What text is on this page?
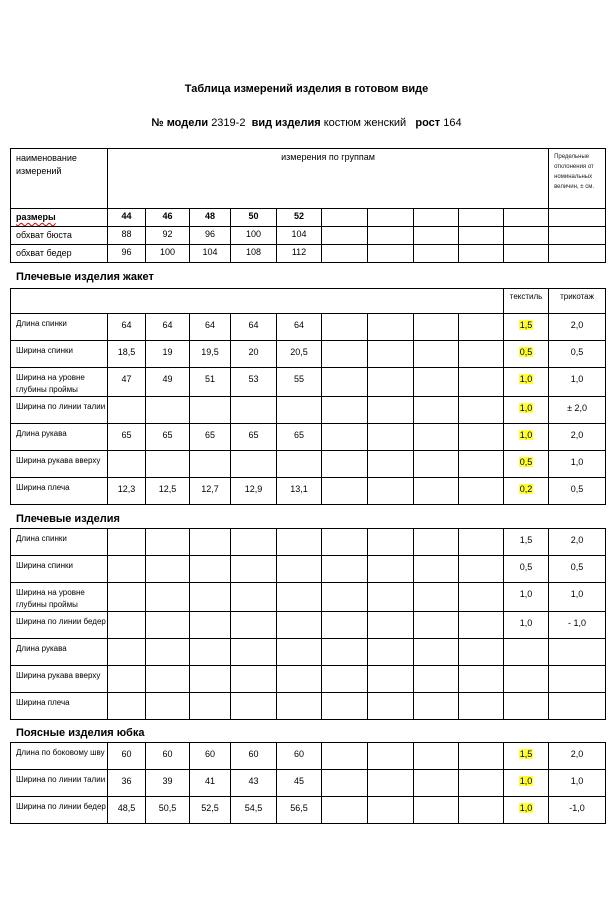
Таблица измерений изделия в готовом виде
№ модели 2319-2 вид изделия костюм женский рост 164
наименование измерений	измерения по группам										Предельные отклонения от номинальных величин, ± см.
размеры	44	46	48	50	52						
обхват бюста	88	92	96	100	104						
обхват бедер	96	100	104	108	112						
Плечевые изделия жакет
										текстиль	трикотаж
Длина спинки	64	64	64	64	64					1,5	2,0
Ширина спинки	18,5	19	19,5	20	20,5					0,5	0,5
Ширина на уровне глубины проймы	47	49	51	53	55					1,0	1,0
Ширина по линии талии										1,0	± 2,0
Длина рукава	65	65	65	65	65					1,0	2,0
Ширина рукава вверху										0,5	1,0
Ширина плеча	12,3	12,5	12,7	12,9	13,1					0,2	0,5
Плечевые изделия
Длина спинки										1,5	2,0
Ширина спинки										0,5	0,5
Ширина на уровне глубины проймы										1,0	1,0
Ширина по линии бедер										1,0	- 1,0
Длина рукава											
Ширина рукава вверху											
Ширина плеча											
Поясные изделия юбка
Длина по боковому шву	60	60	60	60	60					1,5	2,0
Ширина по линии талии	36	39	41	43	45					1,0	1,0
Ширина по линии бедер	48,5	50,5	52,5	54,5	56,5					1,0	-1,0
